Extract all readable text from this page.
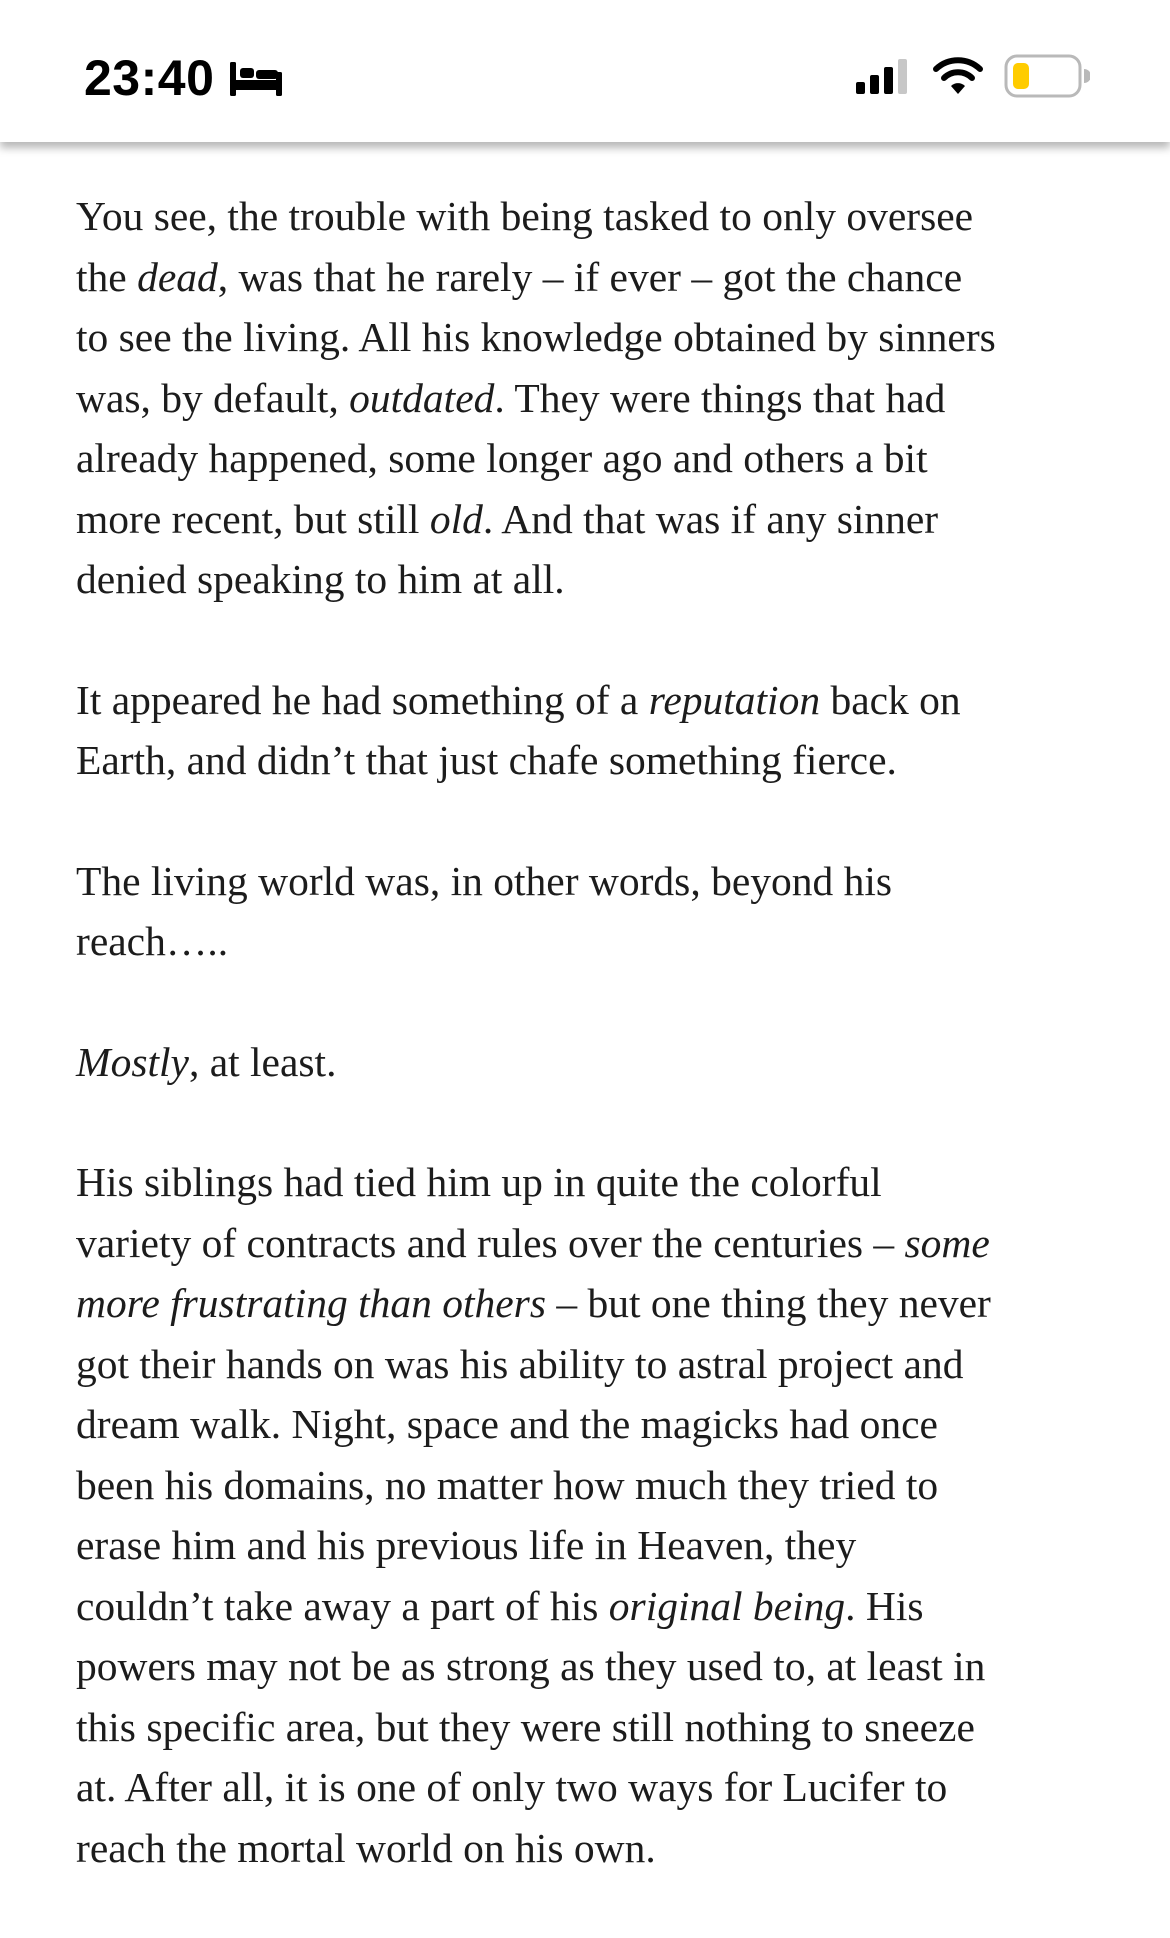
23:40

You see, the trouble with being tasked to only oversee
the dead, was that he rarely – if ever – got the chance
to see the living. All his knowledge obtained by sinners
was, by default, outdated. They were things that had
already happened, some longer ago and others a bit
more recent, but still old. And that was if any sinner
denied speaking to him at all.

It appeared he had something of a reputation back on
Earth, and didn’t that just chafe something fierce.

The living world was, in other words, beyond his
reach…..

Mostly, at least.

His siblings had tied him up in quite the colorful
variety of contracts and rules over the centuries – some
more frustrating than others – but one thing they never
got their hands on was his ability to astral project and
dream walk. Night, space and the magicks had once
been his domains, no matter how much they tried to
erase him and his previous life in Heaven, they
couldn’t take away a part of his original being. His
powers may not be as strong as they used to, at least in
this specific area, but they were still nothing to sneeze
at. After all, it is one of only two ways for Lucifer to
reach the mortal world on his own.
